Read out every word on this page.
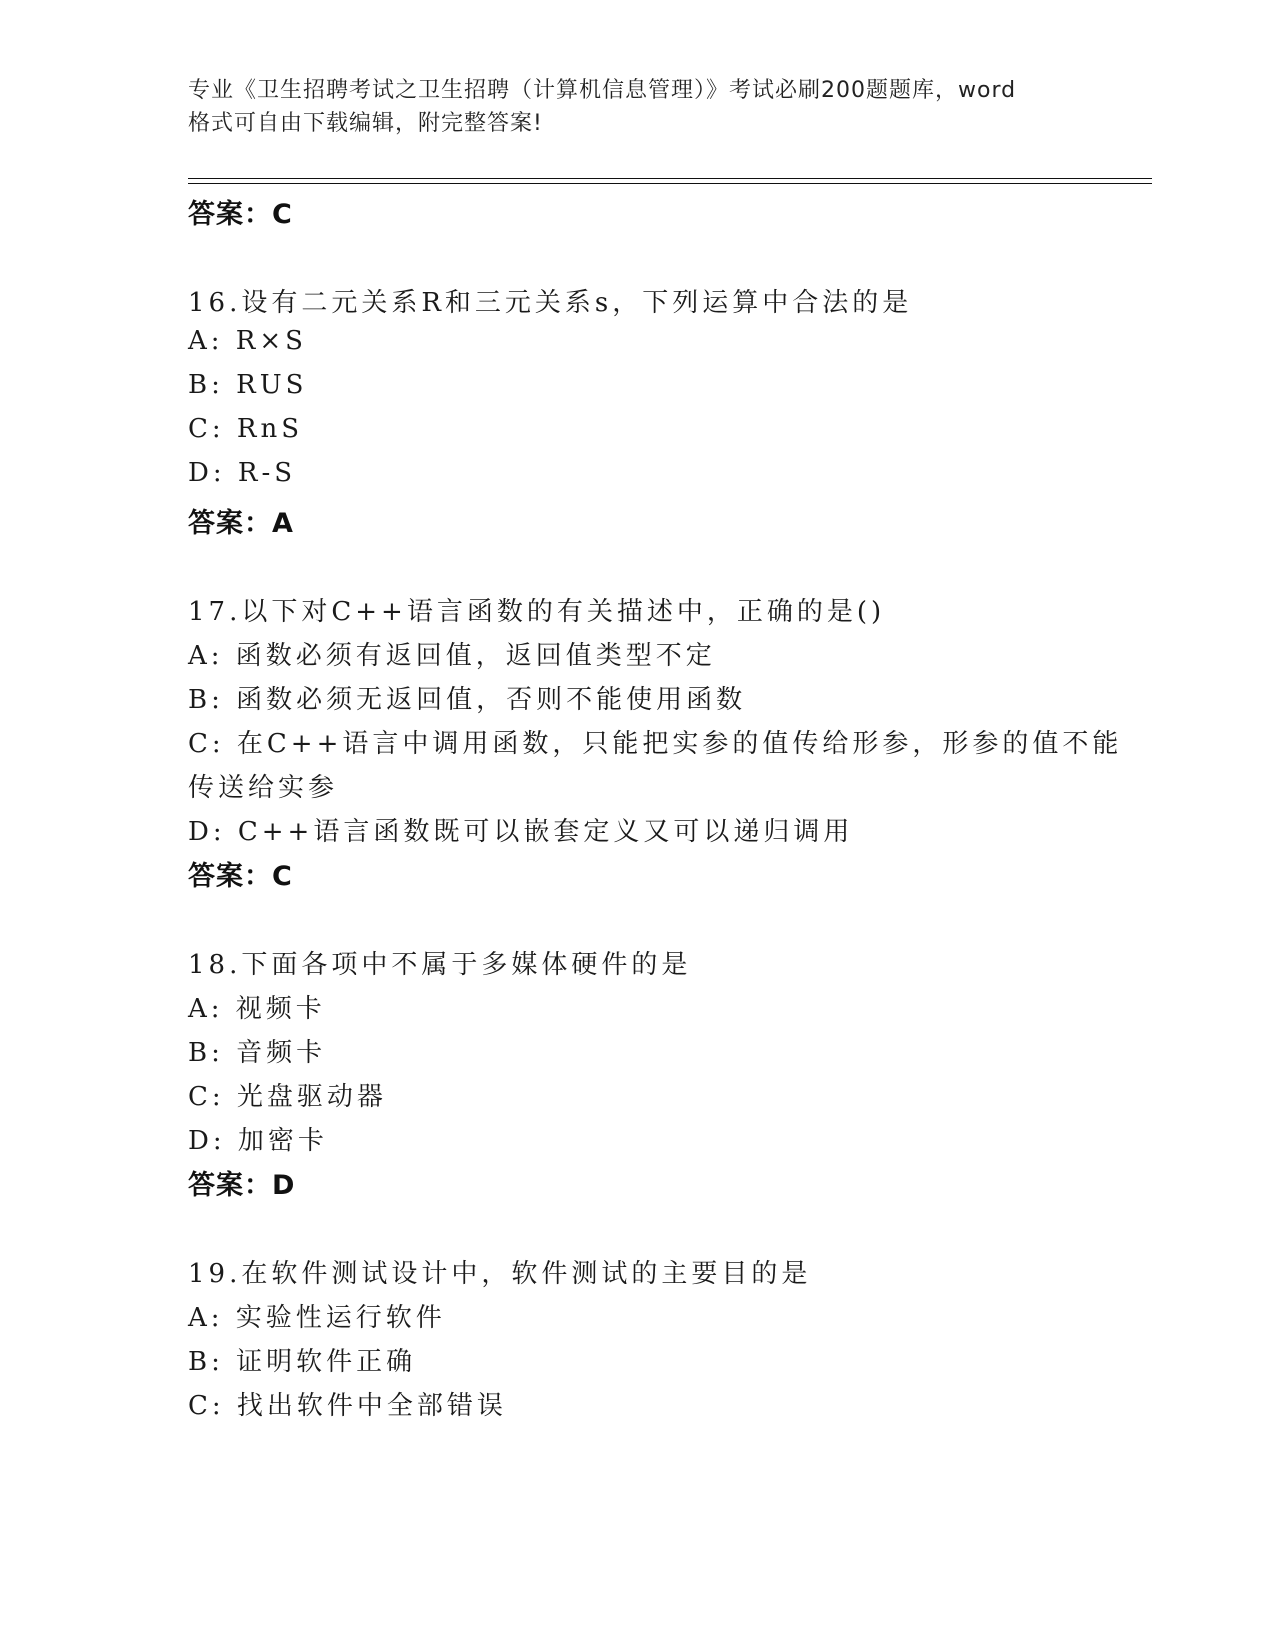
专业《卫生招聘考试之卫生招聘（计算机信息管理）》考试必刷200题题库，word
格式可自由下载编辑，附完整答案!
答案：C
16.设有二元关系R和三元关系s，下列运算中合法的是
A: R×S
B: RUS
C: RnS
D: R-S
答案：A
17.以下对C++语言函数的有关描述中，正确的是()
A: 函数必须有返回值，返回值类型不定
B: 函数必须无返回值，否则不能使用函数
C: 在C++语言中调用函数，只能把实参的值传给形参，形参的值不能
传送给实参
D: C++语言函数既可以嵌套定义又可以递归调用
答案：C
18.下面各项中不属于多媒体硬件的是
A: 视频卡
B: 音频卡
C: 光盘驱动器
D: 加密卡
答案：D
19.在软件测试设计中，软件测试的主要目的是
A: 实验性运行软件
B: 证明软件正确
C: 找出软件中全部错误
